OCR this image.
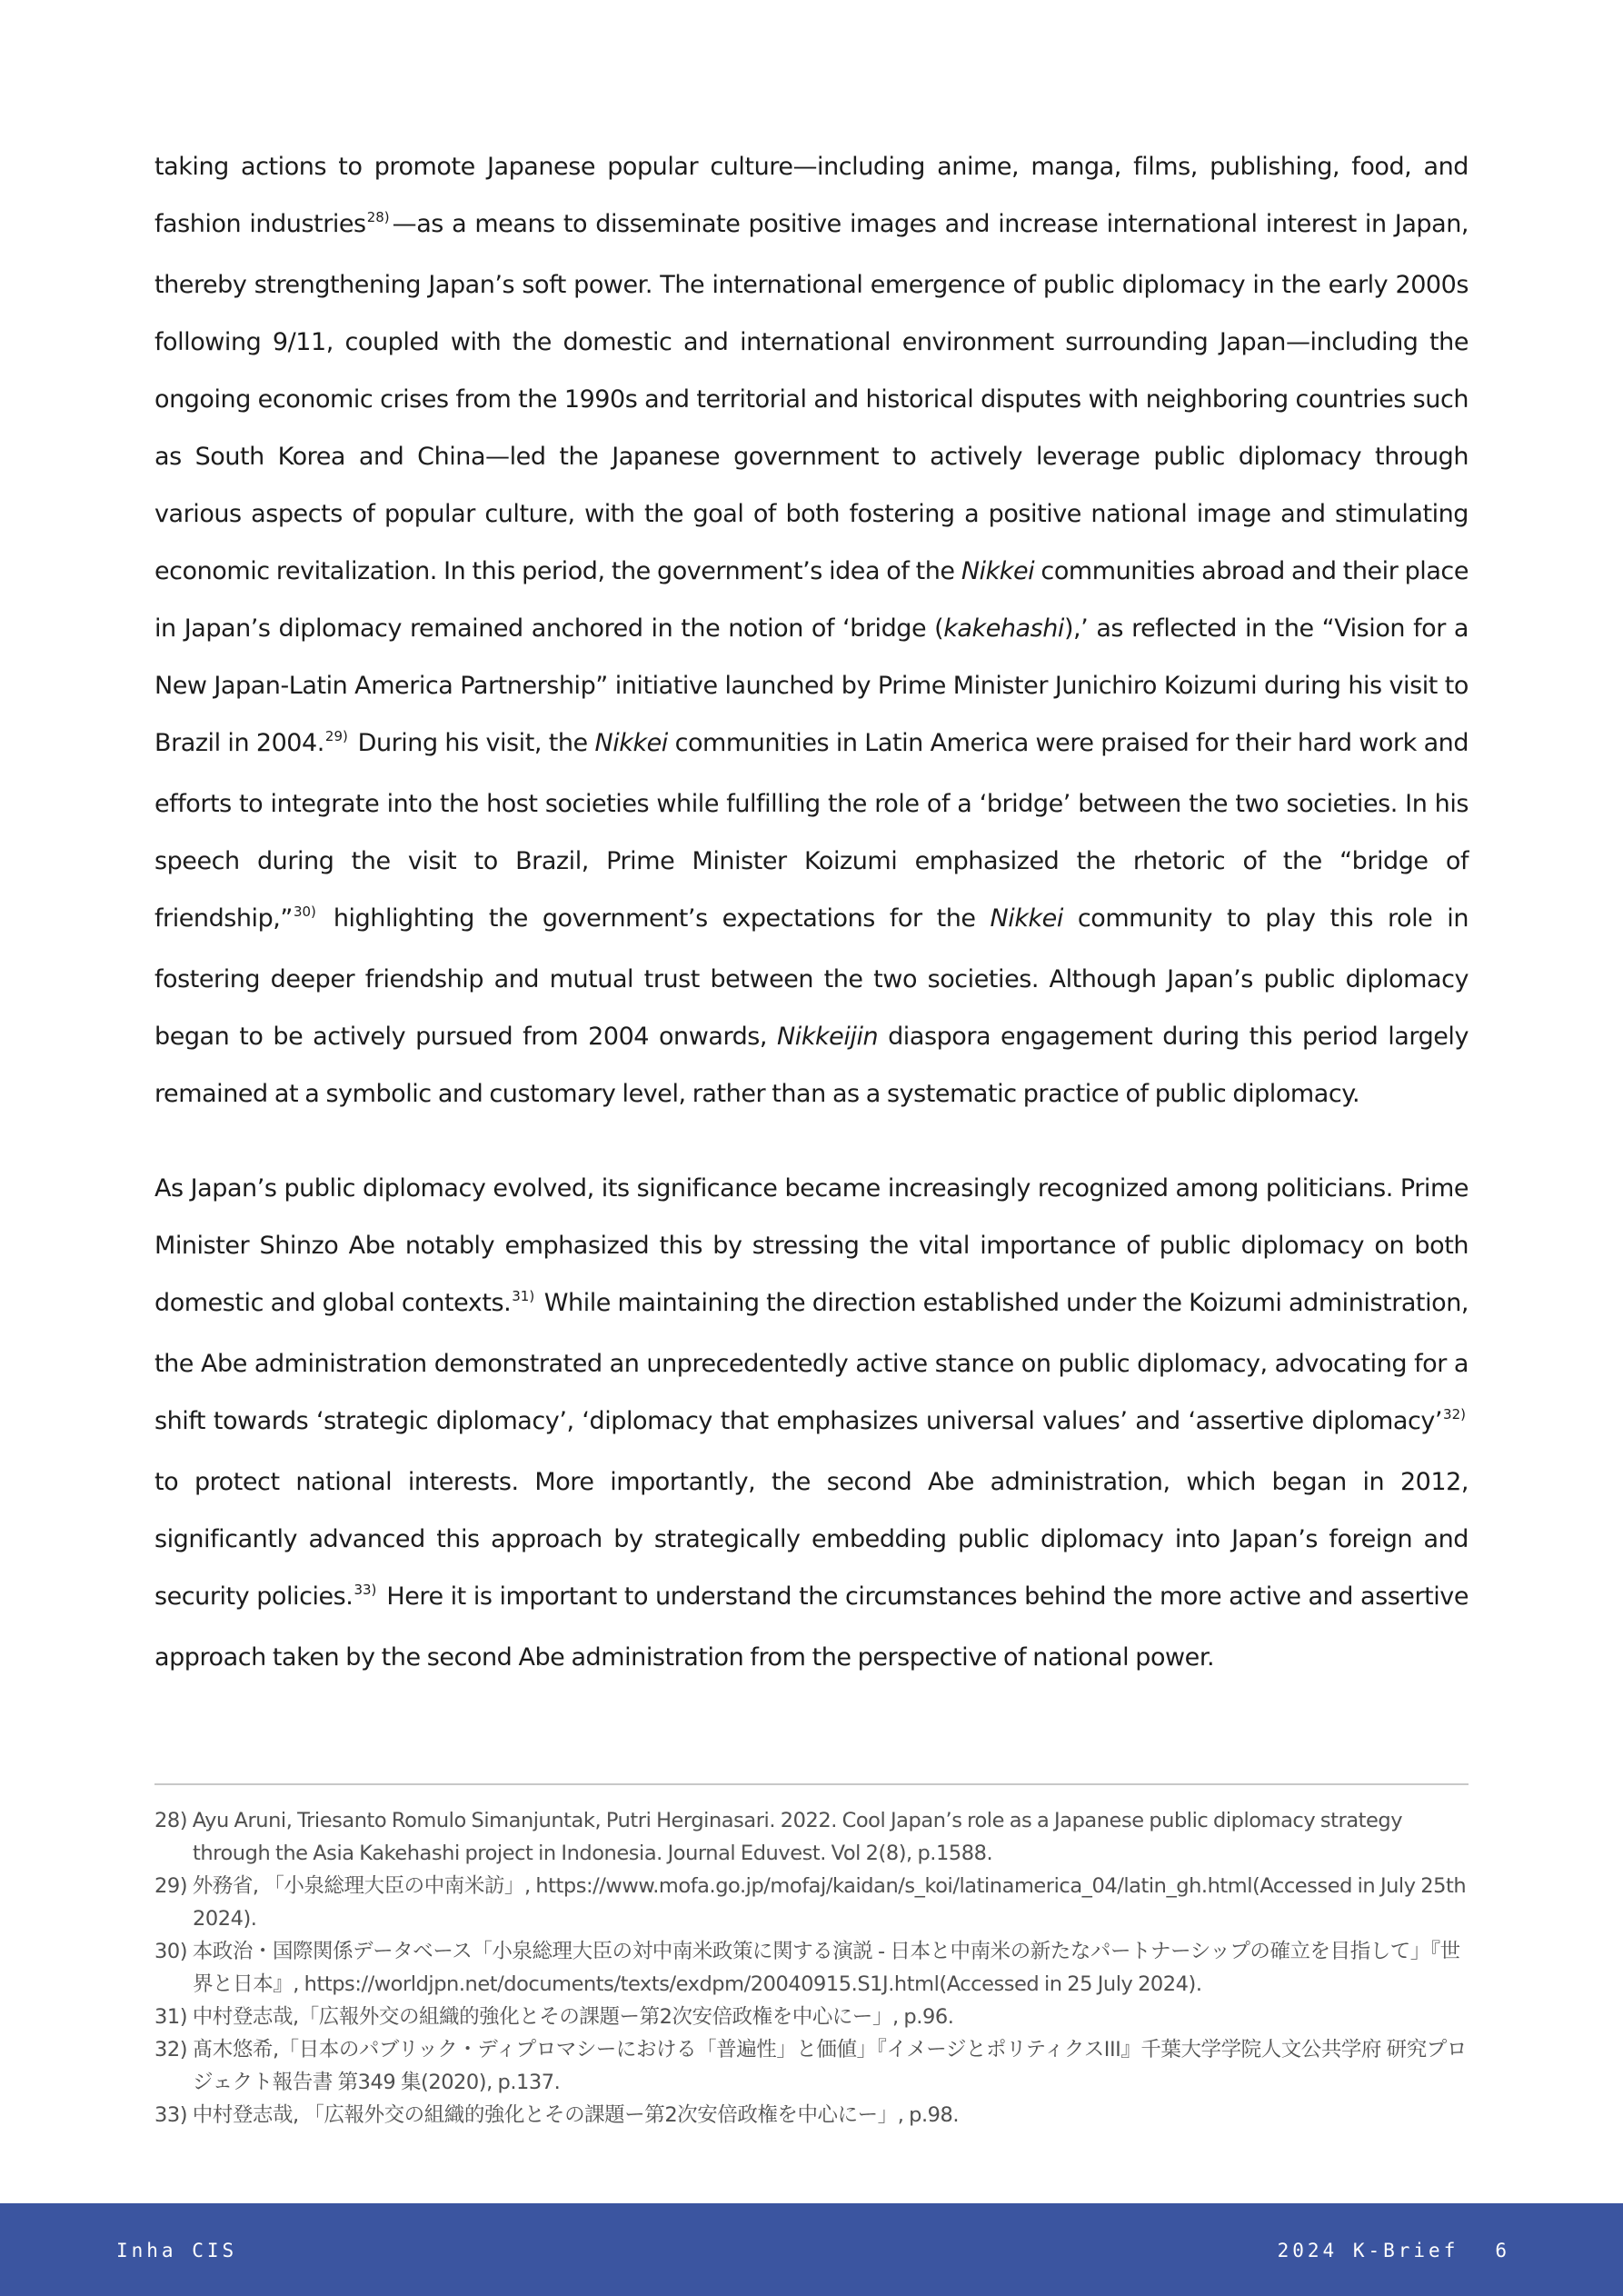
taking actions to promote Japanese popular culture—including anime, manga, films, publishing, food, and fashion industries$^{28)}$ —as a means to disseminate positive images and increase international interest in Japan, thereby strengthening Japan’s soft power. The international emergence of public diplomacy in the early 2000s following 9/11, coupled with the domestic and international environment surrounding Japan—including the ongoing economic crises from the 1990s and territorial and historical disputes with neighboring countries such as South Korea and China—led the Japanese government to actively leverage public diplomacy through various aspects of popular culture, with the goal of both fostering a positive national image and stimulating economic revitalization. In this period, the government’s idea of the Nikkei communities abroad and their place in Japan’s diplomacy remained anchored in the notion of ‘bridge (kakehashi),’ as reflected in the “Vision for a New Japan-Latin America Partnership” initiative launched by Prime Minister Junichiro Koizumi during his visit to Brazil in 2004.$^{29)}$ During his visit, the Nikkei communities in Latin America were praised for their hard work and efforts to integrate into the host societies while fulfilling the role of a ‘bridge’ between the two societies. In his speech during the visit to Brazil, Prime Minister Koizumi emphasized the rhetoric of the “bridge of friendship,”$^{30)}$ highlighting the government’s expectations for the Nikkei community to play this role in fostering deeper friendship and mutual trust between the two societies. Although Japan’s public diplomacy began to be actively pursued from 2004 onwards, Nikkeijin diaspora engagement during this period largely remained at a symbolic and customary level, rather than as a systematic practice of public diplomacy.

As Japan’s public diplomacy evolved, its significance became increasingly recognized among politicians. Prime Minister Shinzo Abe notably emphasized this by stressing the vital importance of public diplomacy on both domestic and global contexts.$^{31)}$ While maintaining the direction established under the Koizumi administration, the Abe administration demonstrated an unprecedentedly active stance on public diplomacy, advocating for a shift towards ‘strategic diplomacy’, ‘diplomacy that emphasizes universal values’ and ‘assertive diplomacy’$^{32)}$ to protect national interests. More importantly, the second Abe administration, which began in 2012, significantly advanced this approach by strategically embedding public diplomacy into Japan’s foreign and security policies.$^{33)}$ Here it is important to understand the circumstances behind the more active and assertive approach taken by the second Abe administration from the perspective of national power.

28) Ayu Aruni, Triesanto Romulo Simanjuntak, Putri Herginasari. 2022. Cool Japan’s role as a Japanese public diplomacy strategy through the Asia Kakehashi project in Indonesia. Journal Eduvest. Vol 2(8), p.1588.
29) 外務省, 「小泉総理大臣の中南米訪」, https://www.mofa.go.jp/mofaj/kaidan/s_koi/latinamerica_04/latin_gh.html(Accessed in July 25th 2024).
30) 本政治・国際関係データベース「小泉総理大臣の対中南米政策に関する演説 - 日本と中南米の新たなパートナーシップの確立を目指して」『世界と日本』, https://worldjpn.net/documents/texts/exdpm/20040915.S1J.html(Accessed in 25 July 2024).
31) 中村登志哉,「広報外交の組織的強化とその課題ー第2次安倍政権を中心にー」, p.96.
32) 髙木悠希,「日本のパブリック・ディプロマシーにおける「普遍性」と価値」『イメージとポリティクスIII』千葉大学学院人文公共学府 研究プロジェクト報告書 第349 集(2020), p.137.
33) 中村登志哉, 「広報外交の組織的強化とその課題ー第2次安倍政権を中心にー」, p.98.
Inha CIS	2024 K-Brief 6
